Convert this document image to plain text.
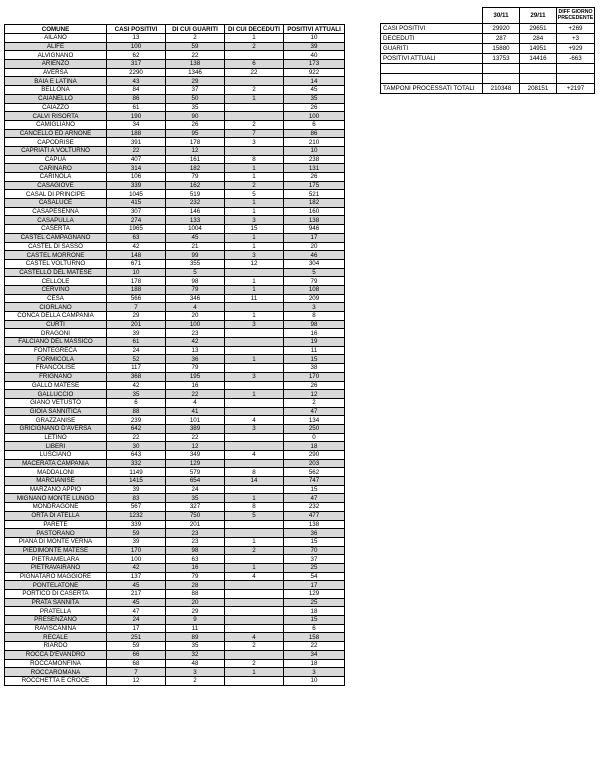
	30/11	29/11	DIFF GIORNO PRECEDENTE
CASI POSITIVI	29920	29651	+269
DECEDUTI	287	284	+3
GUARITI	15880	14951	+929
POSITIVI ATTUALI	13753	14416	-663

TAMPONI PROCESSATI TOTALI	210348	208151	+2197
COMUNE	CASI POSITIVI	DI CUI GUARITI	DI CUI DECEDUTI	POSITIVI ATTUALI
AILANO	13	2	1	10
ALIFE	100	59	2	39
ALVIGNANO	62	22		40
ARIENZO	317	138	6	173
AVERSA	2290	1346	22	922
BAIA E LATINA	43	29		14
BELLONA	84	37	2	45
CAIANELLO	86	50	1	35
CAIAZZO	61	35		26
CALVI RISORTA	190	90		100
CAMIGLIANO	34	26	2	6
CANCELLO ED ARNONE	188	95	7	86
CAPODRISE	391	178	3	210
CAPRIATI A VOLTURNO	22	12		10
CAPUA	407	161	8	238
CARINARO	314	182	1	131
CARINOLA	106	79	1	26
CASAGIOVE	339	162	2	175
CASAL DI PRINCIPE	1045	519	5	521
CASALUCE	415	232	1	182
CASAPESENNA	307	146	1	160
CASAPULLA	274	133	3	138
CASERTA	1965	1004	15	946
CASTEL CAMPAGNANO	63	45	1	17
CASTEL DI SASSO	42	21	1	20
CASTEL MORRONE	148	99	3	46
CASTEL VOLTURNO	671	355	12	304
CASTELLO DEL MATESE	10	5		5
CELLOLE	178	98	1	79
CERVINO	188	79	1	108
CESA	566	346	11	209
CIORLANO	7	4		3
CONCA DELLA CAMPANIA	29	20	1	8
CURTI	201	100	3	98
DRAGONI	39	23		16
FALCIANO DEL MASSICO	61	42		19
FONTEGRECA	24	13		11
FORMICOLA	52	36	1	15
FRANCOLISE	117	79		38
FRIGNANO	368	195	3	170
GALLO MATESE	42	16		26
GALLUCCIO	35	22	1	12
GIANO VETUSTO	6	4		2
GIOIA SANNITICA	88	41		47
GRAZZANISE	239	101	4	134
GRICIGNANO D'AVERSA	642	389	3	250
LETINO	22	22		0
LIBERI	30	12		18
LUSCIANO	643	349	4	290
MACERATA CAMPANIA	332	129		203
MADDALONI	1149	579	8	562
MARCIANISE	1415	654	14	747
MARZANO APPIO	39	24		15
MIGNANO MONTE LUNGO	83	35	1	47
MONDRAGONE	567	327	8	232
ORTA DI ATELLA	1232	750	5	477
PARETE	339	201		138
PASTORANO	59	23		36
PIANA DI MONTE VERNA	39	23	1	15
PIEDIMONTE MATESE	170	98	2	70
PIETRAMELARA	100	63		37
PIETRAVAIRANO	42	16	1	25
PIGNATARO MAGGIORE	137	79	4	54
PONTELATONE	45	28		17
PORTICO DI CASERTA	217	88		129
PRATA SANNITA	45	20		25
PRATELLA	47	29		18
PRESENZANO	24	9		15
RAVISCANINA	17	11		6
RECALE	251	89	4	158
RIARDO	59	35	2	22
ROCCA D'EVANDRO	66	32		34
ROCCAMONFINA	68	48	2	18
ROCCAROMANA	7	3	1	3
ROCCHETTA E CROCE	12	2		10
